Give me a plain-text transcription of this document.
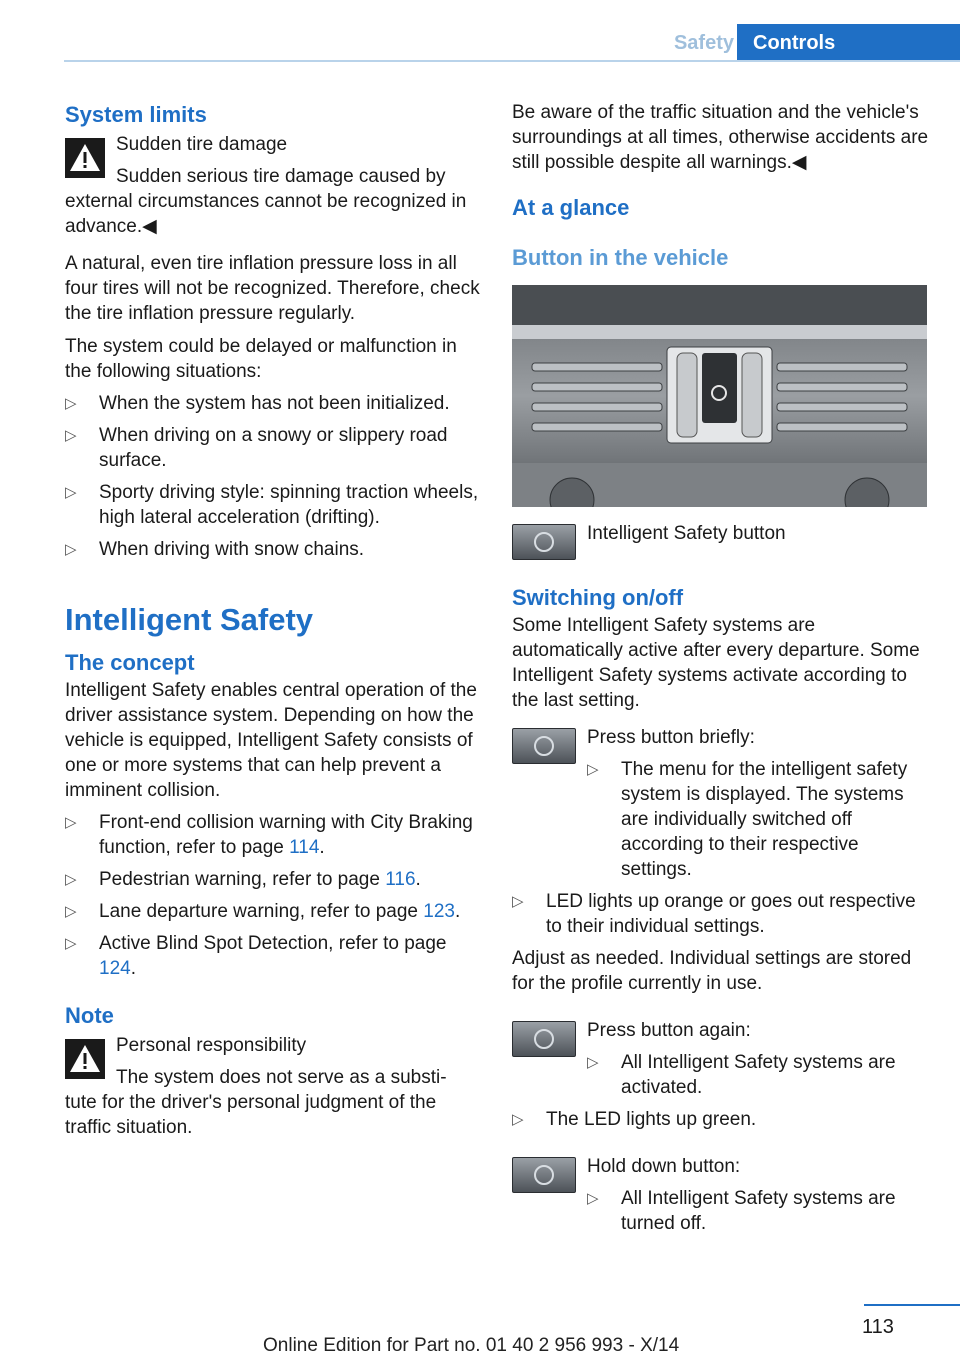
Safety Controls
System limits

Sudden tire damage

Sudden serious tire damage caused by

external circumstances cannot be recognized in advance.◀

A natural, even tire inflation pressure loss in all four tires will not be recognized. Therefore, check the tire inflation pressure regularly.

The system could be delayed or malfunction in the following situations:

▷ When the system has not been initialized.
▷ When driving on a snowy or slippery road surface.
▷ Sporty driving style: spinning traction wheels, high lateral acceleration (drifting).
▷ When driving with snow chains.
Intelligent Safety
The concept

Intelligent Safety enables central operation of the driver assistance system. Depending on how the vehicle is equipped, Intelligent Safety consists of one or more systems that can help prevent a imminent collision.

▷ Front-end collision warning with City Braking function, refer to page 114.
▷ Pedestrian warning, refer to page 116.
▷ Lane departure warning, refer to page 123.
▷ Active Blind Spot Detection, refer to page 124.
Note

Personal responsibility

The system does not serve as a substi-

tute for the driver's personal judgment of the traffic situation.

Be aware of the traffic situation and the vehicle's surroundings at all times, otherwise accidents are still possible despite all warnings.◀

At a glance
Button in the vehicle

Intelligent Safety button

Switching on/off

Some Intelligent Safety systems are automatically active after every departure. Some Intelligent Safety systems activate according to the last setting.

Press button briefly:

▷ The menu for the intelligent safety system is displayed. The systems are individually switched off according to their respective settings.
▷ LED lights up orange or goes out respective to their individual settings.

Adjust as needed. Individual settings are stored for the profile currently in use.

Press button again:

▷ All Intelligent Safety systems are activated.
▷ The LED lights up green.

Hold down button:

▷ All Intelligent Safety systems are turned off.
113
Online Edition for Part no. 01 40 2 956 993 - X/14
